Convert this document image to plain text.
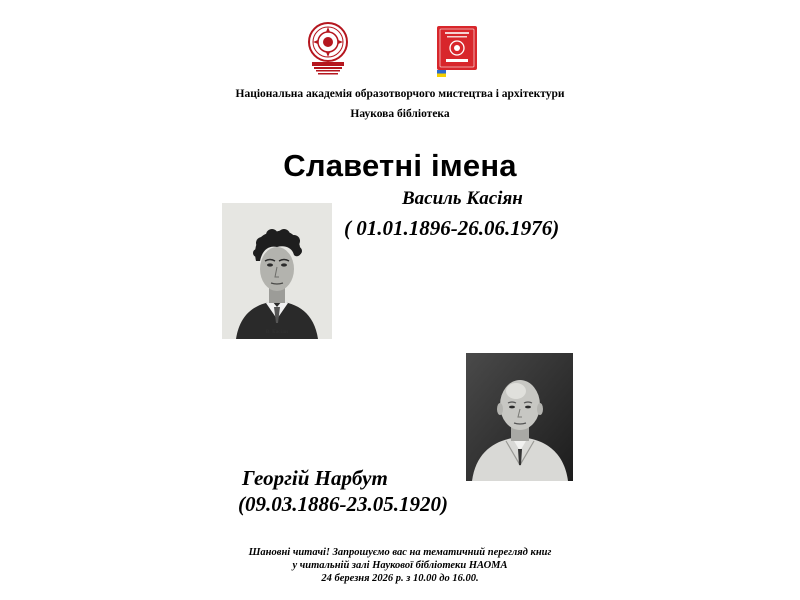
Національна академія образотворчого мистецтва і архітектури
Наукова бібліотека
Славетні імена
Василь Касіян
( 01.01.1896-26.06.1976)
В. Касіян
Георгій Нарбут
(09.03.1886-23.05.1920)
Шановні читачі! Запрошуємо вас на тематичний перегляд книг
у читальній залі Наукової бібліотеки НАОМА
24 березня 2026 р. з 10.00 до 16.00.
